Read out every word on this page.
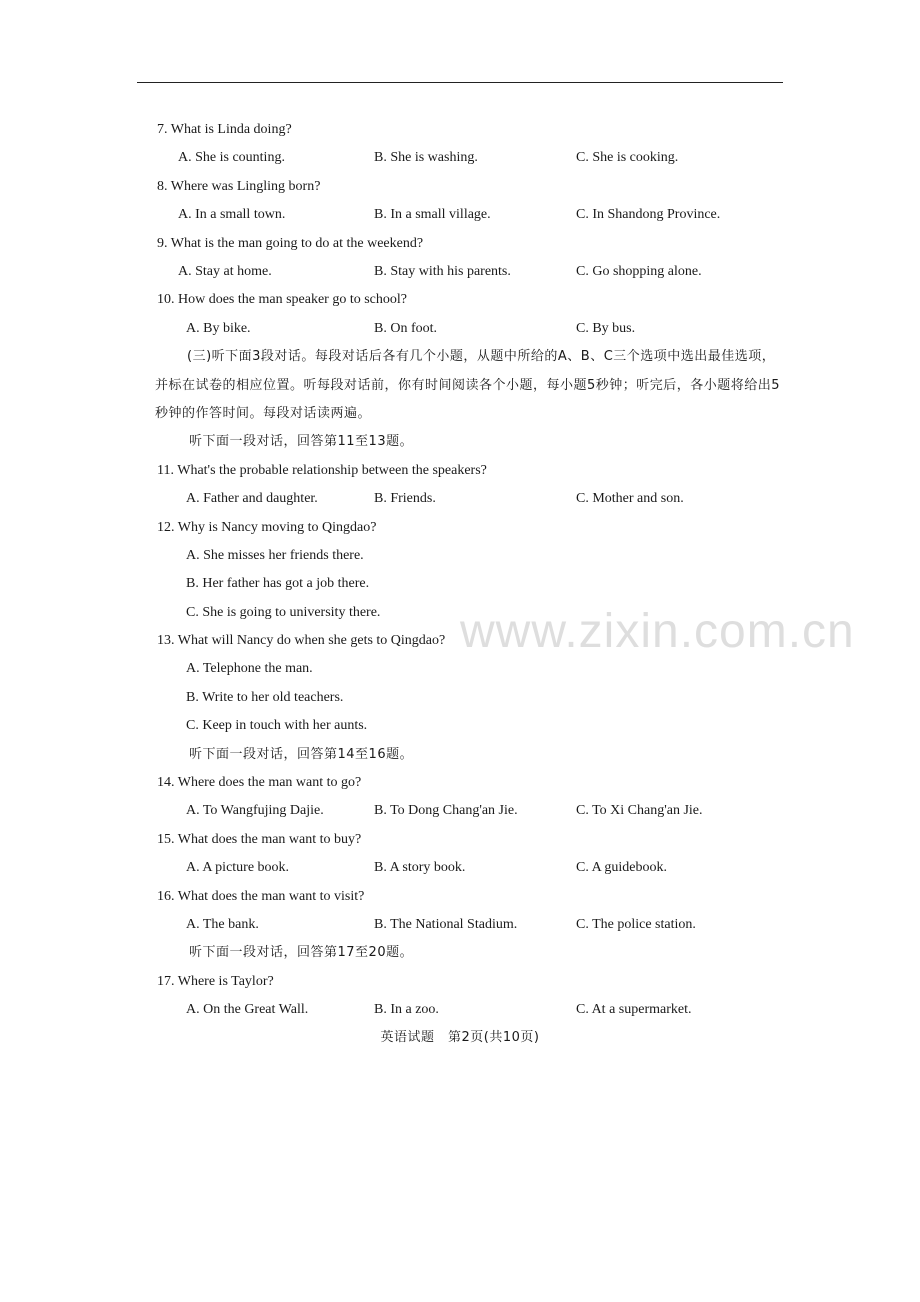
www.zixin.com.cn
7. What is Linda doing?
A. She is counting.	B. She is washing.	C. She is cooking.
8. Where was Lingling born?
A. In a small town.	B. In a small village.	C. In Shandong Province.
9. What is the man going to do at the weekend?
A. Stay at home.	B. Stay with his parents.	C. Go shopping alone.
10. How does the man speaker go to school?
A. By bike.	B. On foot.	C. By bus.
(三)听下面3段对话。每段对话后各有几个小题，从题中所给的A、B、C三个选项中选出最佳选项，并标在试卷的相应位置。听每段对话前，你有时间阅读各个小题，每小题5秒钟；听完后，各小题将给出5秒钟的作答时间。每段对话读两遍。
听下面一段对话，回答第11至13题。
11. What's the probable relationship between the speakers?
A. Father and daughter.	B. Friends.	C. Mother and son.
12. Why is Nancy moving to Qingdao?
A. She misses her friends there.
B. Her father has got a job there.
C. She is going to university there.
13. What will Nancy do when she gets to Qingdao?
A. Telephone the man.
B. Write to her old teachers.
C. Keep in touch with her aunts.
听下面一段对话，回答第14至16题。
14. Where does the man want to go?
A. To Wangfujing Dajie.	B. To Dong Chang'an Jie.	C. To Xi Chang'an Jie.
15. What does the man want to buy?
A. A picture book.	B. A story book.	C. A guidebook.
16. What does the man want to visit?
A. The bank.	B. The National Stadium.	C. The police station.
听下面一段对话，回答第17至20题。
17. Where is Taylor?
A. On the Great Wall.	B. In a zoo.	C. At a supermarket.
英语试题　第2页(共10页)
